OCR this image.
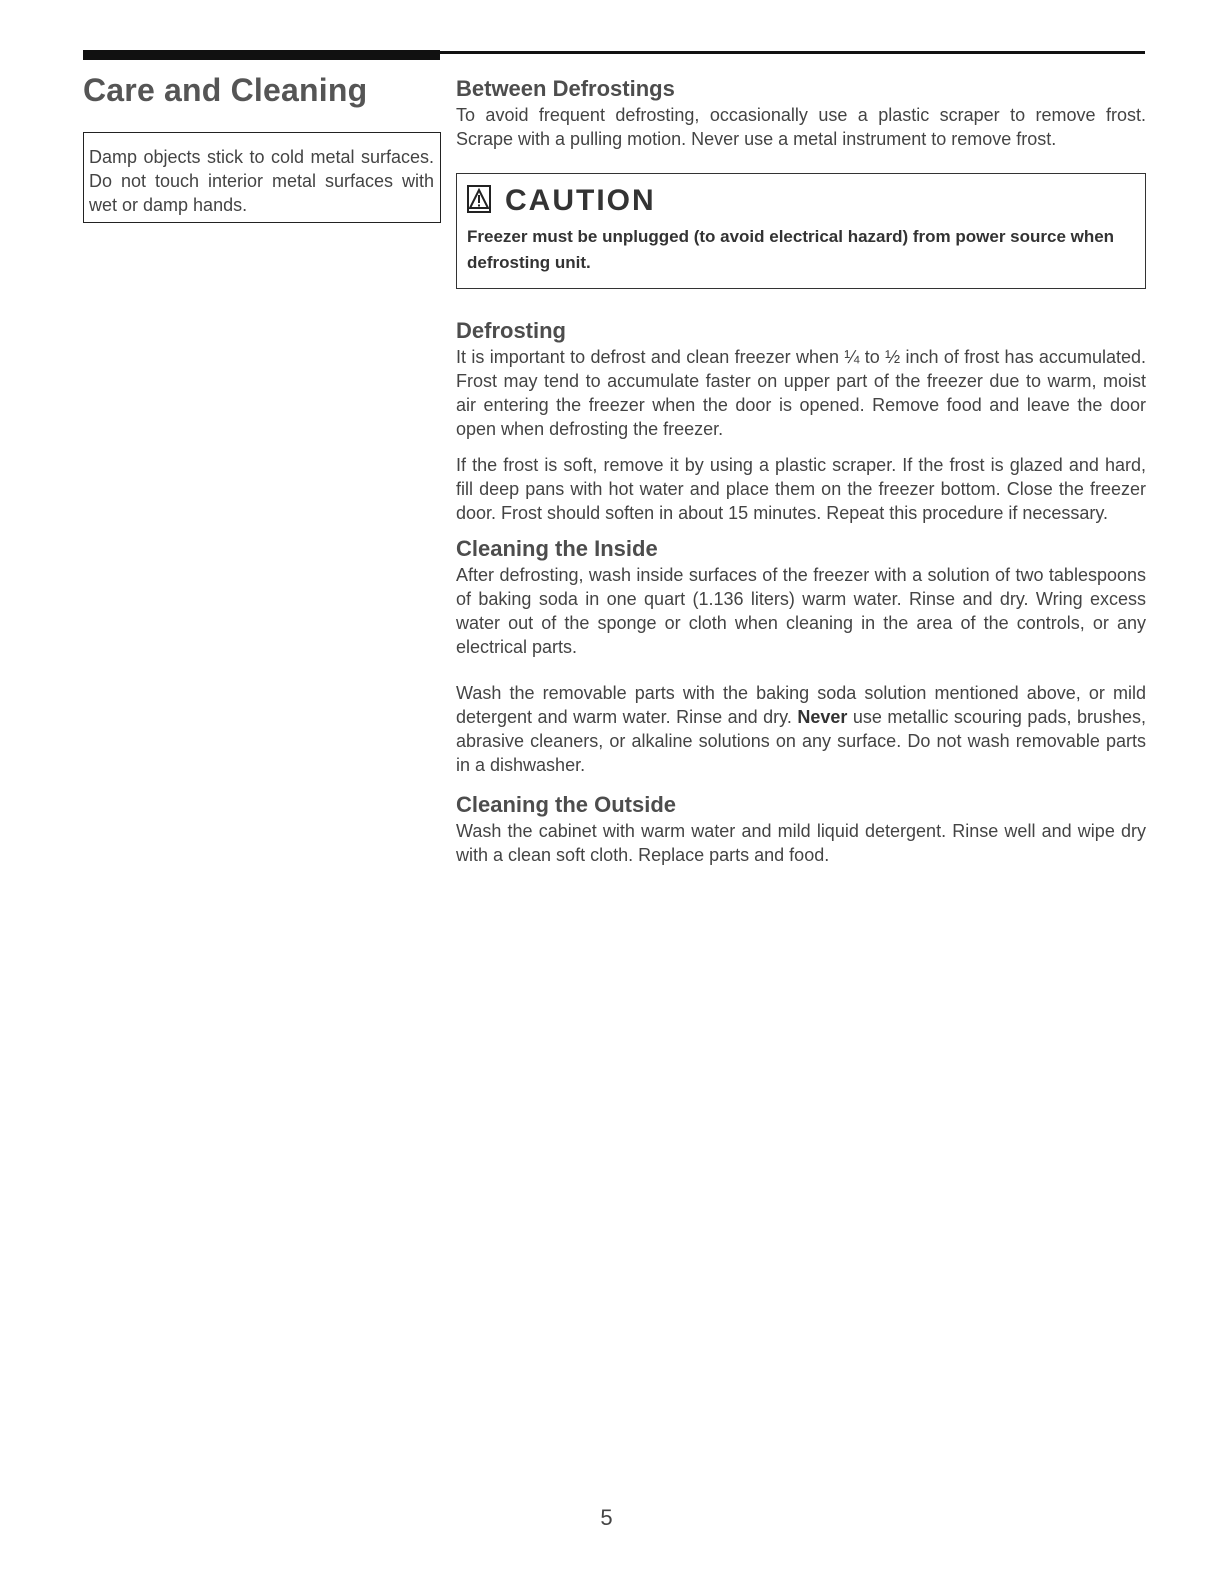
Care and Cleaning
Damp objects stick to cold metal surfaces. Do not touch interior metal surfaces with wet or damp hands.
Between Defrostings

To avoid frequent defrosting, occasionally use a plastic scraper to remove frost. Scrape with a pulling motion. Never use a metal instrument to remove frost.

CAUTION
Freezer must be unplugged (to avoid electrical hazard) from power source when defrosting unit.
Defrosting

It is important to defrost and clean freezer when ¼ to ½ inch of frost has accumulated. Frost may tend to accumulate faster on upper part of the freezer due to warm, moist air entering the freezer when the door is opened. Remove food and leave the door open when defrosting the freezer.

If the frost is soft, remove it by using a plastic scraper. If the frost is glazed and hard, fill deep pans with hot water and place them on the freezer bottom. Close the freezer door. Frost should soften in about 15 minutes. Repeat this procedure if necessary.

Cleaning the Inside

After defrosting, wash inside surfaces of the freezer with a solution of two tablespoons of baking soda in one quart (1.136 liters) warm water. Rinse and dry. Wring excess water out of the sponge or cloth when cleaning in the area of the controls, or any electrical parts.

Wash the removable parts with the baking soda solution mentioned above, or mild detergent and warm water. Rinse and dry. Never use metallic scouring pads, brushes, abrasive cleaners, or alkaline solutions on any surface. Do not wash removable parts in a dishwasher.

Cleaning the Outside

Wash the cabinet with warm water and mild liquid detergent. Rinse well and wipe dry with a clean soft cloth. Replace parts and food.

5
